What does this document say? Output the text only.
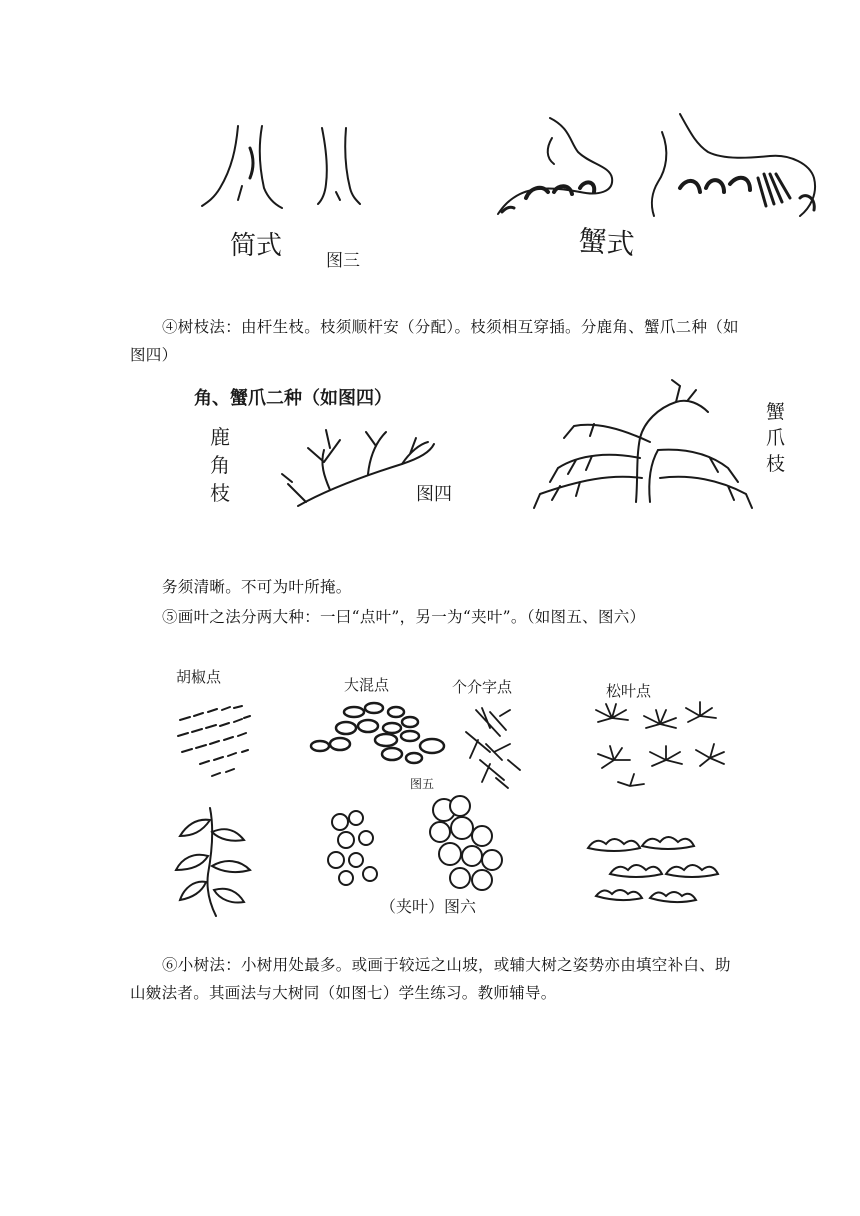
简式	图三
蟹式

④树枝法：由杆生枝。枝须顺杆安（分配）。枝须相互穿插。分鹿角、蟹爪二种（如图四）

角、蟹爪二种（如图四）
鹿角枝	图四
蟹爪枝

务须清晰。不可为叶所掩。

⑤画叶之法分两大种：一曰“点叶”，另一为“夹叶”。（如图五、图六）

胡椒点	大混点	个介字点	松叶点
图五
（夹叶）图六

⑥小树法：小树用处最多。或画于较远之山坡，或辅大树之姿势亦由填空补白、助山皴法者。其画法与大树同（如图七）学生练习。教师辅导。
